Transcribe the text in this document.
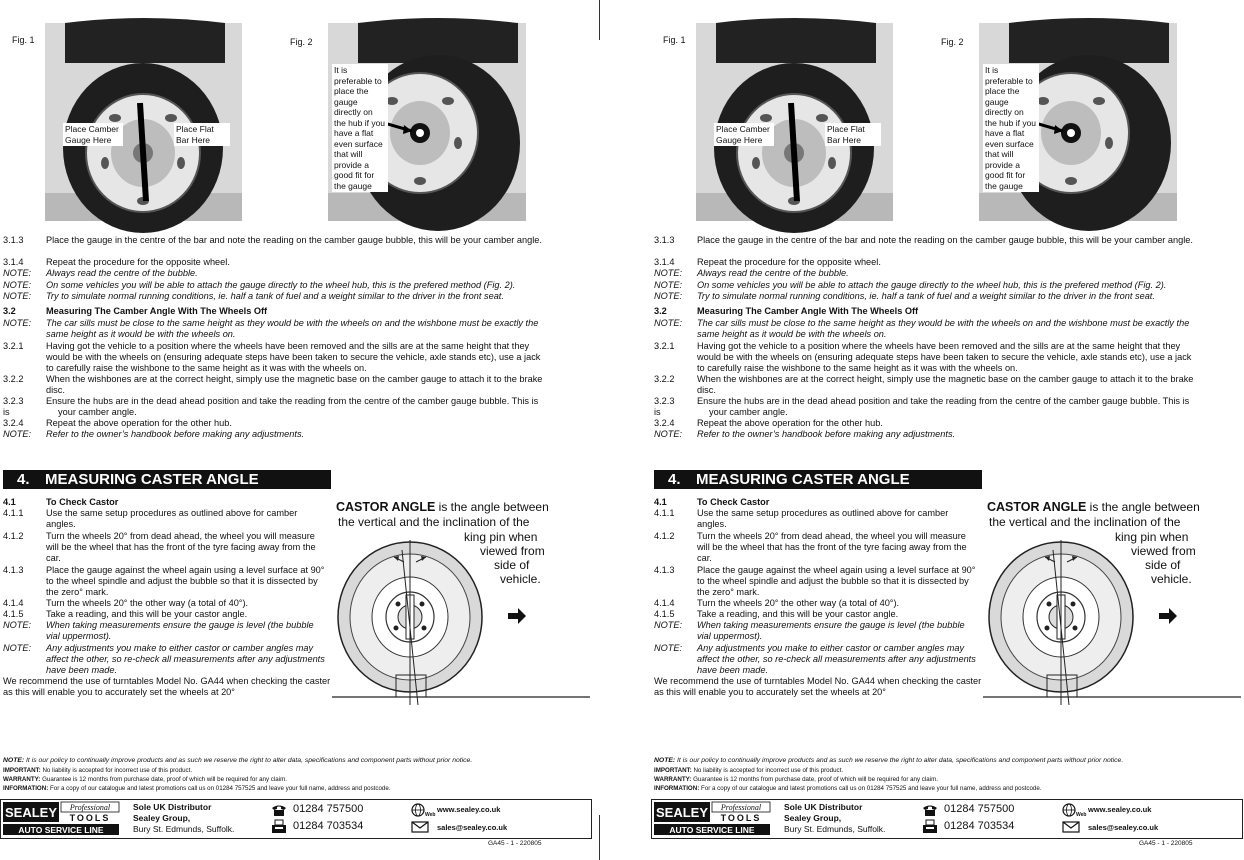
Fig. 1	Fig. 2
Place Camber Gauge Here
Place Flat Bar Here
It is preferable to place the gauge directly on the hub if you have a flat even surface that will provide a good fit for the gauge
3.1.3 Place the gauge in the centre of the bar and note the reading on the camber gauge bubble, this will be your camber angle.
3.1.4 Repeat the procedure for the opposite wheel.
NOTE: Always read the centre of the bubble.
NOTE: On some vehicles you will be able to attach the gauge directly to the wheel hub, this is the prefered method (Fig. 2).
NOTE: Try to simulate normal running conditions, ie. half a tank of fuel and a weight similar to the driver in the front seat.
3.2	Measuring The Camber Angle With The Wheels Off
NOTE: The car sills must be close to the same height as they would be with the wheels on and the wishbone must be exactly the same height as it would be with the wheels on.
3.2.1 Having got the vehicle to a position where the wheels have been removed and the sills are at the same height that they would be with the wheels on (ensuring adequate steps have been taken to secure the vehicle, axle stands etc), use a jack to carefully raise the wishbone to the same height as it was with the wheels on.
3.2.2 When the wishbones are at the correct height, simply use the magnetic base on the camber gauge to attach it to the brake disc.
3.2.3 Ensure the hubs are in the dead ahead position and take the reading from the centre of the camber gauge bubble. This is
is	your camber angle.
3.2.4 Repeat the above operation for the other hub.
NOTE: Refer to the owner’s handbook before making any adjustments.
4. MEASURING CASTER ANGLE
4.1	To Check Castor
4.1.1 Use the same setup procedures as outlined above for camber angles.
4.1.2 Turn the wheels 20° from dead ahead, the wheel you will measure will be the wheel that has the front of the tyre facing away from the car.
4.1.3 Place the gauge against the wheel again using a level surface at 90° to the wheel spindle and adjust the bubble so that it is dissected by the zero° mark.
4.1.4 Turn the wheels 20° the other way (a total of 40°).
4.1.5 Take a reading, and this will be your castor angle.
NOTE: When taking measurements ensure the gauge is level (the bubble vial uppermost).
NOTE: Any adjustments you make to either castor or camber angles may affect the other, so re-check all measurements after any adjustments have been made.
We recommend the use of turntables Model No. GA44 when checking the caster as this will enable you to accurately set the wheels at 20°
CASTOR ANGLE is the angle between
the vertical and the inclination of the
king pin when
viewed from
side of
vehicle.
NOTE: It is our policy to continually improve products and as such we reserve the right to alter data, specifications and component parts without prior notice.
IMPORTANT: No liability is accepted for incorrect use of this product.
WARRANTY: Guarantee is 12 months from purchase date, proof of which will be required for any claim.
INFORMATION: For a copy of our catalogue and latest promotions call us on 01284 757525 and leave your full name, address and postcode.
SEALEY Professional
TOOLS
AUTO SERVICE LINE
Sole UK Distributor
Sealey Group,
Bury St. Edmunds, Suffolk.
01284 757500
01284 703534
Web
www.sealey.co.uk
sales@sealey.co.uk
GA45 - 1 - 220805
Fig. 1	Fig. 2
Place Camber Gauge Here
Place Flat Bar Here
It is preferable to place the gauge directly on the hub if you have a flat even surface that will provide a good fit for the gauge
3.1.3 Place the gauge in the centre of the bar and note the reading on the camber gauge bubble, this will be your camber angle.
3.1.4 Repeat the procedure for the opposite wheel.
NOTE: Always read the centre of the bubble.
NOTE: On some vehicles you will be able to attach the gauge directly to the wheel hub, this is the prefered method (Fig. 2).
NOTE: Try to simulate normal running conditions, ie. half a tank of fuel and a weight similar to the driver in the front seat.
3.2	Measuring The Camber Angle With The Wheels Off
NOTE: The car sills must be close to the same height as they would be with the wheels on and the wishbone must be exactly the same height as it would be with the wheels on.
3.2.1 Having got the vehicle to a position where the wheels have been removed and the sills are at the same height that they would be with the wheels on (ensuring adequate steps have been taken to secure the vehicle, axle stands etc), use a jack to carefully raise the wishbone to the same height as it was with the wheels on.
3.2.2 When the wishbones are at the correct height, simply use the magnetic base on the camber gauge to attach it to the brake disc.
3.2.3 Ensure the hubs are in the dead ahead position and take the reading from the centre of the camber gauge bubble. This is
is	your camber angle.
3.2.4 Repeat the above operation for the other hub.
NOTE: Refer to the owner’s handbook before making any adjustments.
4. MEASURING CASTER ANGLE
4.1	To Check Castor
4.1.1 Use the same setup procedures as outlined above for camber angles.
4.1.2 Turn the wheels 20° from dead ahead, the wheel you will measure will be the wheel that has the front of the tyre facing away from the car.
4.1.3 Place the gauge against the wheel again using a level surface at 90° to the wheel spindle and adjust the bubble so that it is dissected by the zero° mark.
4.1.4 Turn the wheels 20° the other way (a total of 40°).
4.1.5 Take a reading, and this will be your castor angle.
NOTE: When taking measurements ensure the gauge is level (the bubble vial uppermost).
NOTE: Any adjustments you make to either castor or camber angles may affect the other, so re-check all measurements after any adjustments have been made.
We recommend the use of turntables Model No. GA44 when checking the caster as this will enable you to accurately set the wheels at 20°
CASTOR ANGLE is the angle between
the vertical and the inclination of the
king pin when
viewed from
side of
vehicle.
NOTE: It is our policy to continually improve products and as such we reserve the right to alter data, specifications and component parts without prior notice.
IMPORTANT: No liability is accepted for incorrect use of this product.
WARRANTY: Guarantee is 12 months from purchase date, proof of which will be required for any claim.
INFORMATION: For a copy of our catalogue and latest promotions call us on 01284 757525 and leave your full name, address and postcode.
SEALEY Professional
TOOLS
AUTO SERVICE LINE
Sole UK Distributor
Sealey Group,
Bury St. Edmunds, Suffolk.
01284 757500
01284 703534
Web
www.sealey.co.uk
sales@sealey.co.uk
GA45 - 1 - 220805
